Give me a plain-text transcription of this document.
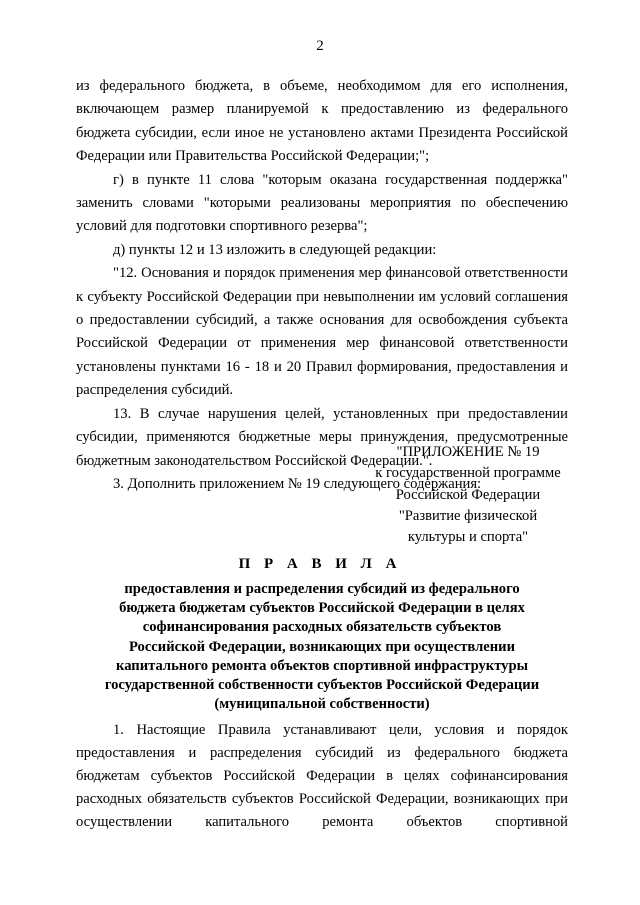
2

из федерального бюджета, в объеме, необходимом для его исполнения, включающем размер планируемой к предоставлению из федерального бюджета субсидии, если иное не установлено актами Президента Российской Федерации или Правительства Российской Федерации;";

г) в пункте 11 слова "которым оказана государственная поддержка" заменить словами "которыми реализованы мероприятия по обеспечению условий для подготовки спортивного резерва";

д) пункты 12 и 13 изложить в следующей редакции:

"12. Основания и порядок применения мер финансовой ответственности к субъекту Российской Федерации при невыполнении им условий соглашения о предоставлении субсидий, а также основания для освобождения субъекта Российской Федерации от применения мер финансовой ответственности установлены пунктами 16 - 18 и 20 Правил формирования, предоставления и распределения субсидий.

13. В случае нарушения целей, установленных при предоставлении субсидии, применяются бюджетные меры принуждения, предусмотренные бюджетным законодательством Российской Федерации.".

3. Дополнить приложением № 19 следующего содержания:

"ПРИЛОЖЕНИЕ № 19
к государственной программе
Российской Федерации
"Развитие физической
культуры и спорта"
П Р А В И Л А
предоставления и распределения субсидий из федерального
бюджета бюджетам субъектов Российской Федерации в целях
софинансирования расходных обязательств субъектов
Российской Федерации, возникающих при осуществлении
капитального ремонта объектов спортивной инфраструктуры
государственной собственности субъектов Российской Федерации
(муниципальной собственности)

1. Настоящие Правила устанавливают цели, условия и порядок предоставления и распределения субсидий из федерального бюджета бюджетам субъектов Российской Федерации в целях софинансирования расходных обязательств субъектов Российской Федерации, возникающих при осуществлении капитального ремонта объектов спортивной
